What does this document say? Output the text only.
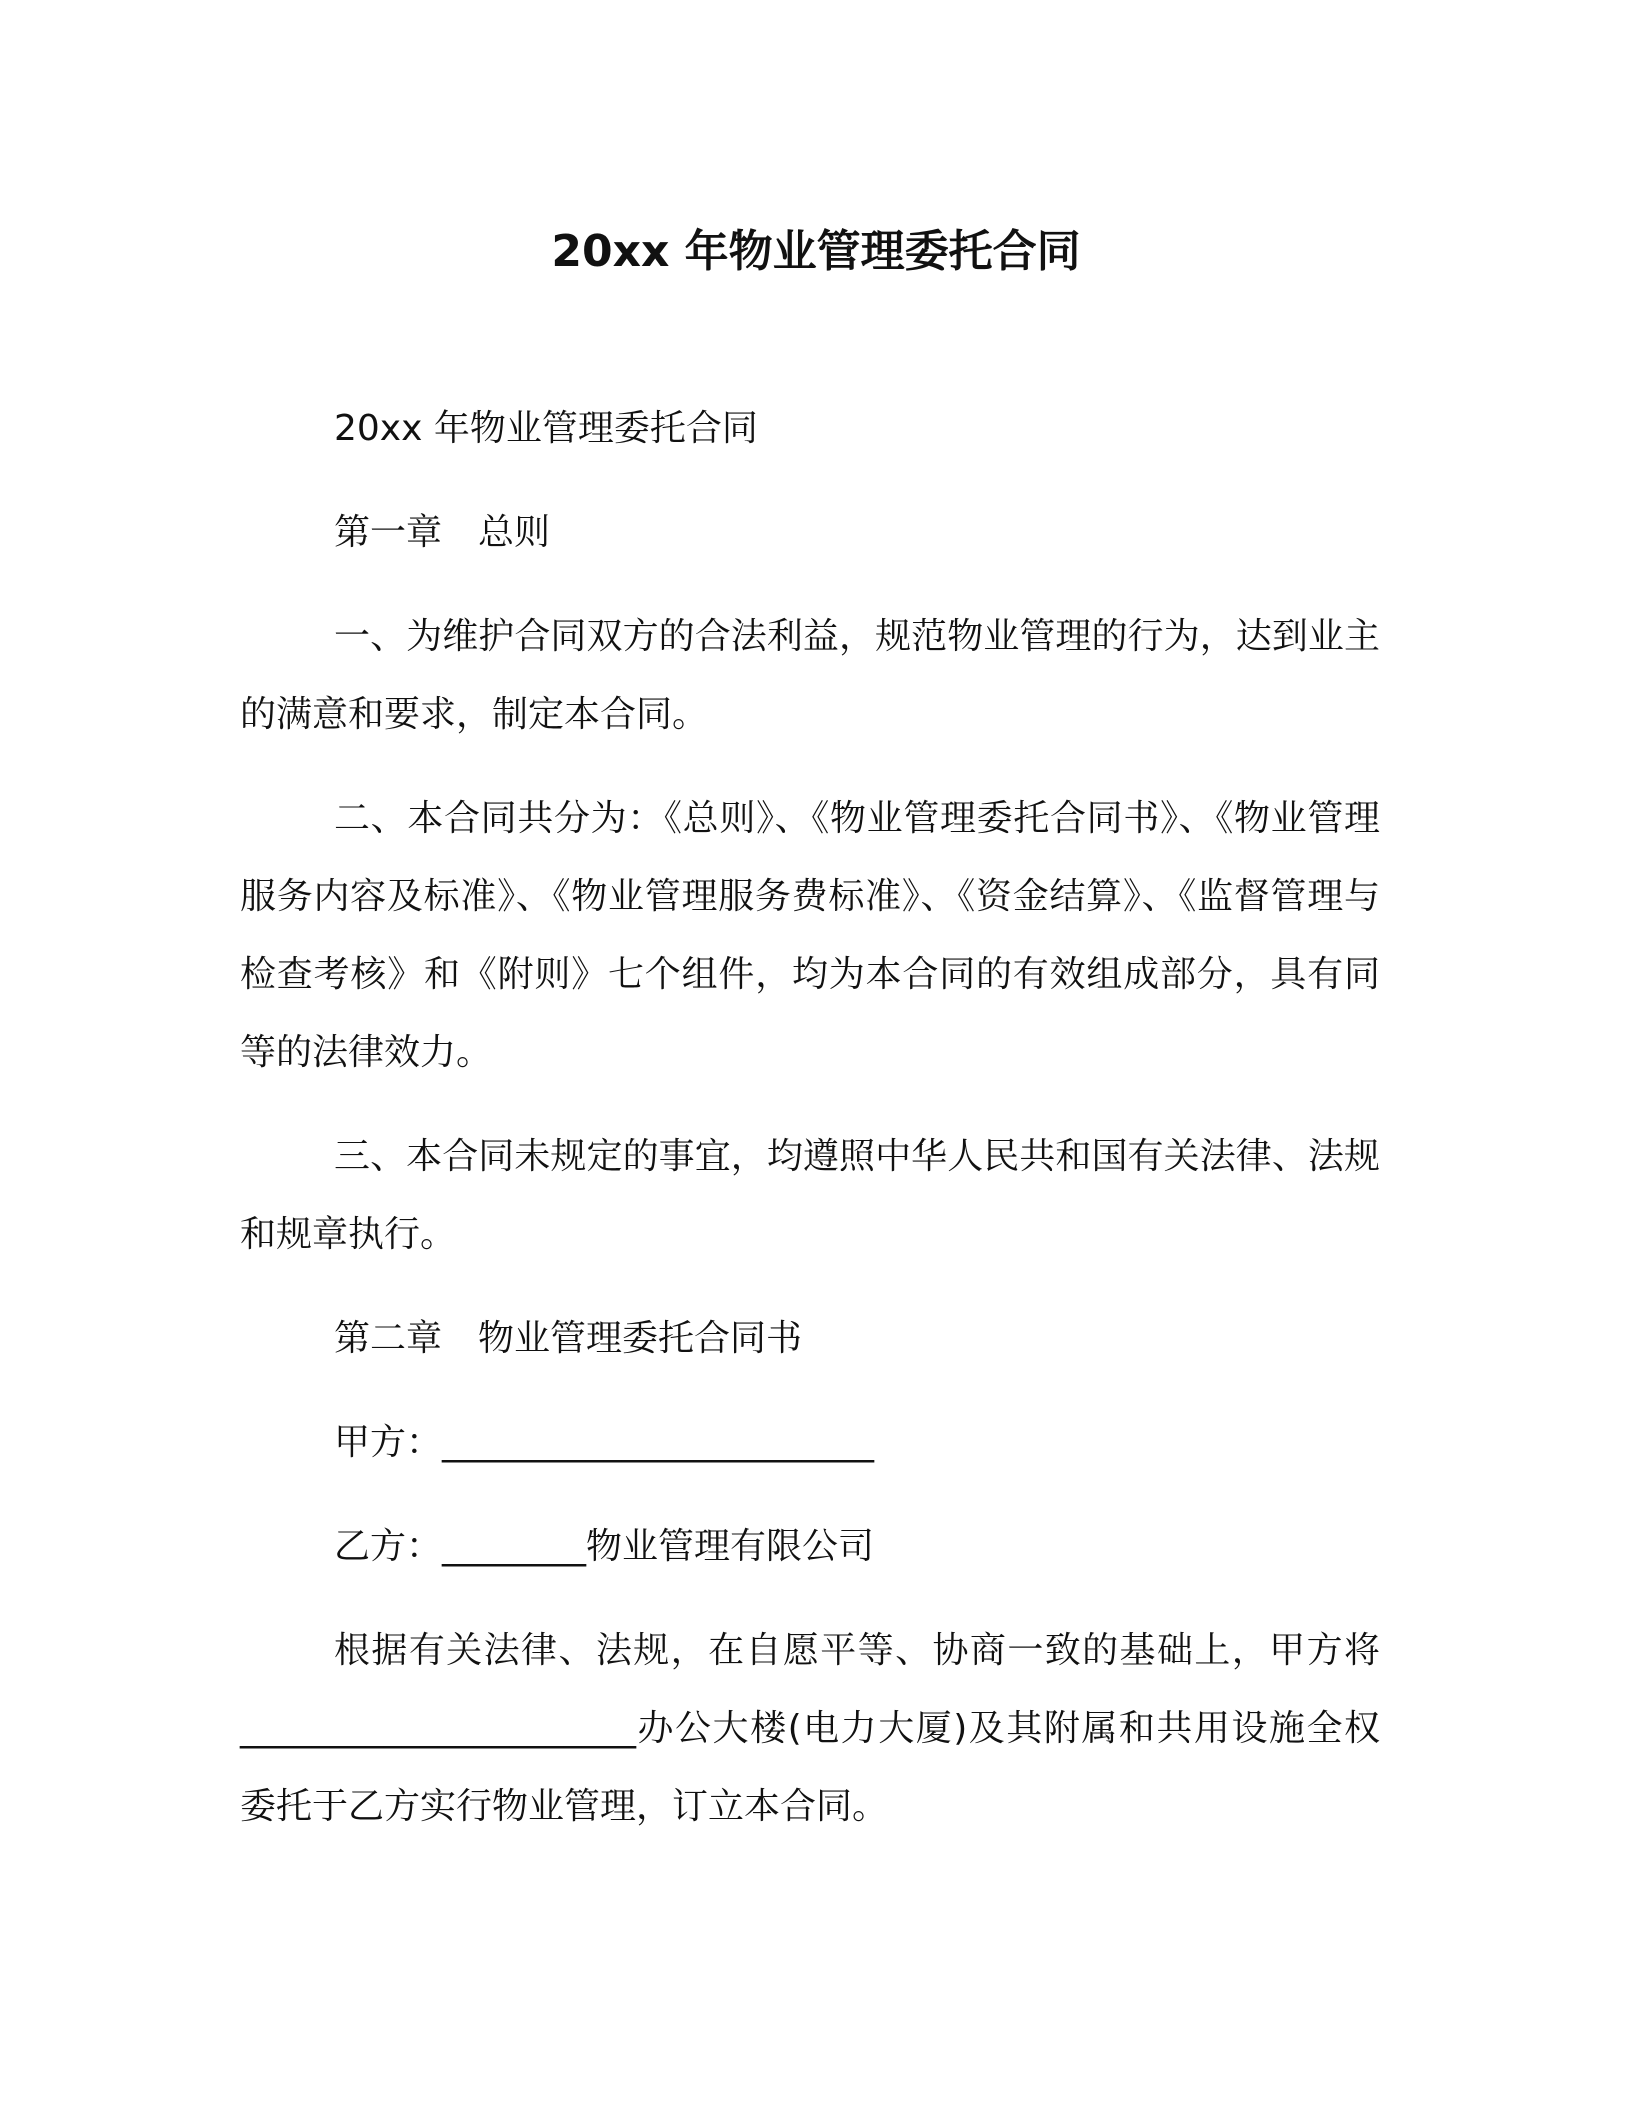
20xx 年物业管理委托合同

20xx 年物业管理委托合同

第一章　总则

一、为维护合同双方的合法利益，规范物业管理的行为，达到业主的满意和要求，制定本合同。

二、本合同共分为：《总则》、《物业管理委托合同书》、《物业管理服务内容及标准》、《物业管理服务费标准》、《资金结算》、《监督管理与检查考核》和《附则》七个组件，均为本合同的有效组成部分，具有同等的法律效力。

三、本合同未规定的事宜，均遵照中华人民共和国有关法律、法规和规章执行。

第二章　物业管理委托合同书

甲方：________________________

乙方：________物业管理有限公司

根据有关法律、法规，在自愿平等、协商一致的基础上，甲方将______________________办公大楼(电力大厦)及其附属和共用设施全权委托于乙方实行物业管理，订立本合同。
